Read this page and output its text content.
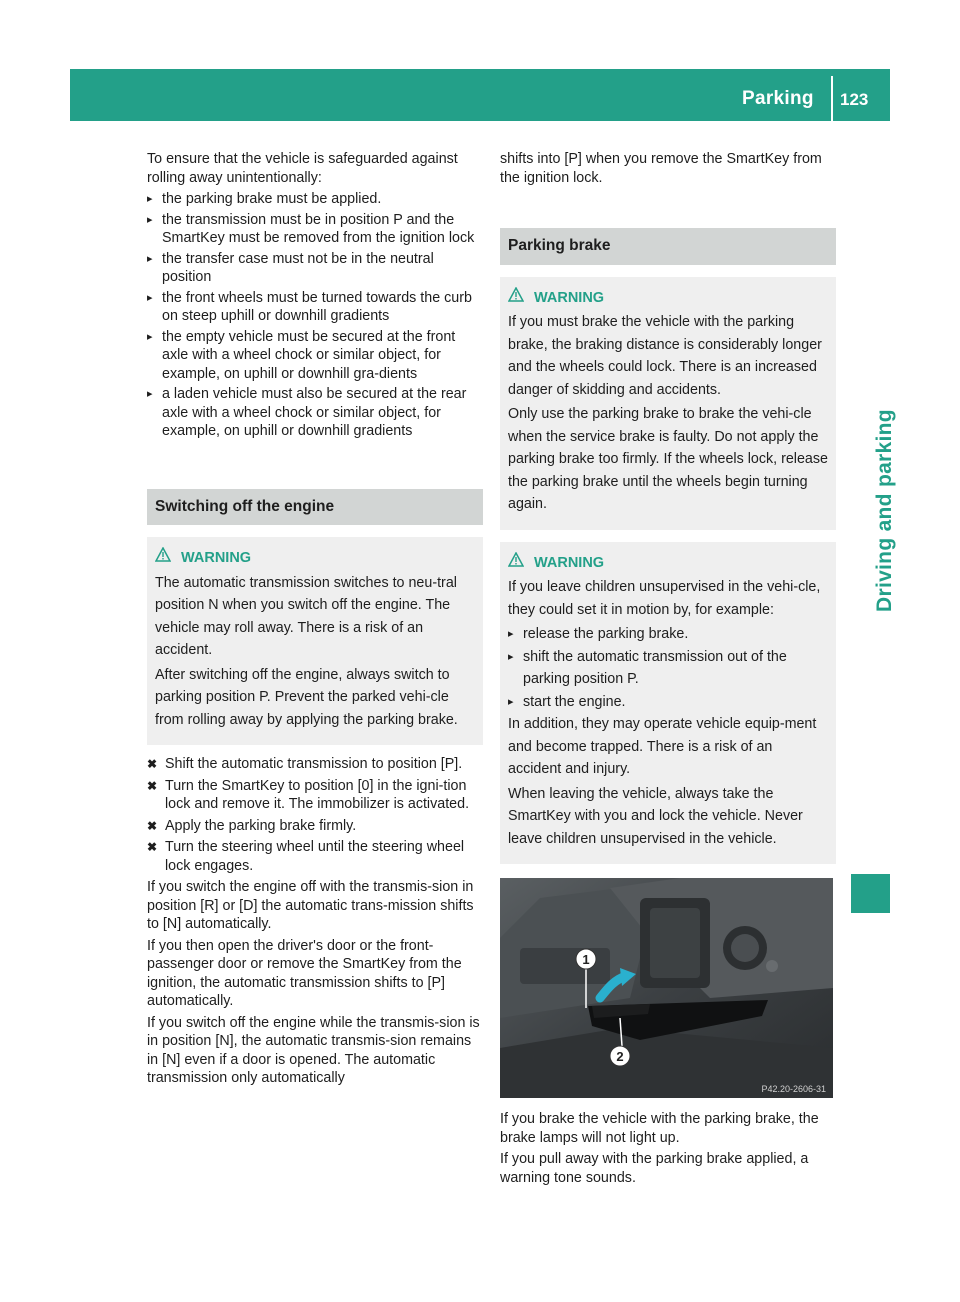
Parking 123
Driving and parking

To ensure that the vehicle is safeguarded against rolling away unintentionally:

▸ the parking brake must be applied.
▸ the transmission must be in position P and the SmartKey must be removed from the ignition lock
▸ the transfer case must not be in the neutral position
▸ the front wheels must be turned towards the curb on steep uphill or downhill gradients
▸ the empty vehicle must be secured at the front axle with a wheel chock or similar object, for example, on uphill or downhill gra-dients
▸ a laden vehicle must also be secured at the rear axle with a wheel chock or similar object, for example, on uphill or downhill gradients
Switching off the engine
WARNING
The automatic transmission switches to neu-tral position N when you switch off the engine. The vehicle may roll away. There is a risk of an accident.
After switching off the engine, always switch to parking position P. Prevent the parked vehi-cle from rolling away by applying the parking brake.
✖ Shift the automatic transmission to position [P].
✖ Turn the SmartKey to position [0] in the igni-tion lock and remove it. The immobilizer is activated.
✖ Apply the parking brake firmly.
✖ Turn the steering wheel until the steering wheel lock engages.

If you switch the engine off with the transmis-sion in position [R] or [D] the automatic trans-mission shifts to [N] automatically.

If you then open the driver's door or the front-passenger door or remove the SmartKey from the ignition, the automatic transmission shifts to [P] automatically.

If you switch off the engine while the transmis-sion is in position [N], the automatic transmis-sion remains in [N] even if a door is opened. The automatic transmission only automatically

shifts into [P] when you remove the SmartKey from the ignition lock.

Parking brake
WARNING
If you must brake the vehicle with the parking brake, the braking distance is considerably longer and the wheels could lock. There is an increased danger of skidding and accidents.
Only use the parking brake to brake the vehi-cle when the service brake is faulty. Do not apply the parking brake too firmly. If the wheels lock, release the parking brake until the wheels begin turning again.
WARNING
If you leave children unsupervised in the vehi-cle, they could set it in motion by, for example:
▸ release the parking brake.
▸ shift the automatic transmission out of the parking position P.
▸ start the engine.
In addition, they may operate vehicle equip-ment and become trapped. There is a risk of an accident and injury.
When leaving the vehicle, always take the SmartKey with you and lock the vehicle. Never leave children unsupervised in the vehicle.
1
2
P42.20-2606-31

If you brake the vehicle with the parking brake, the brake lamps will not light up.

If you pull away with the parking brake applied, a warning tone sounds.
